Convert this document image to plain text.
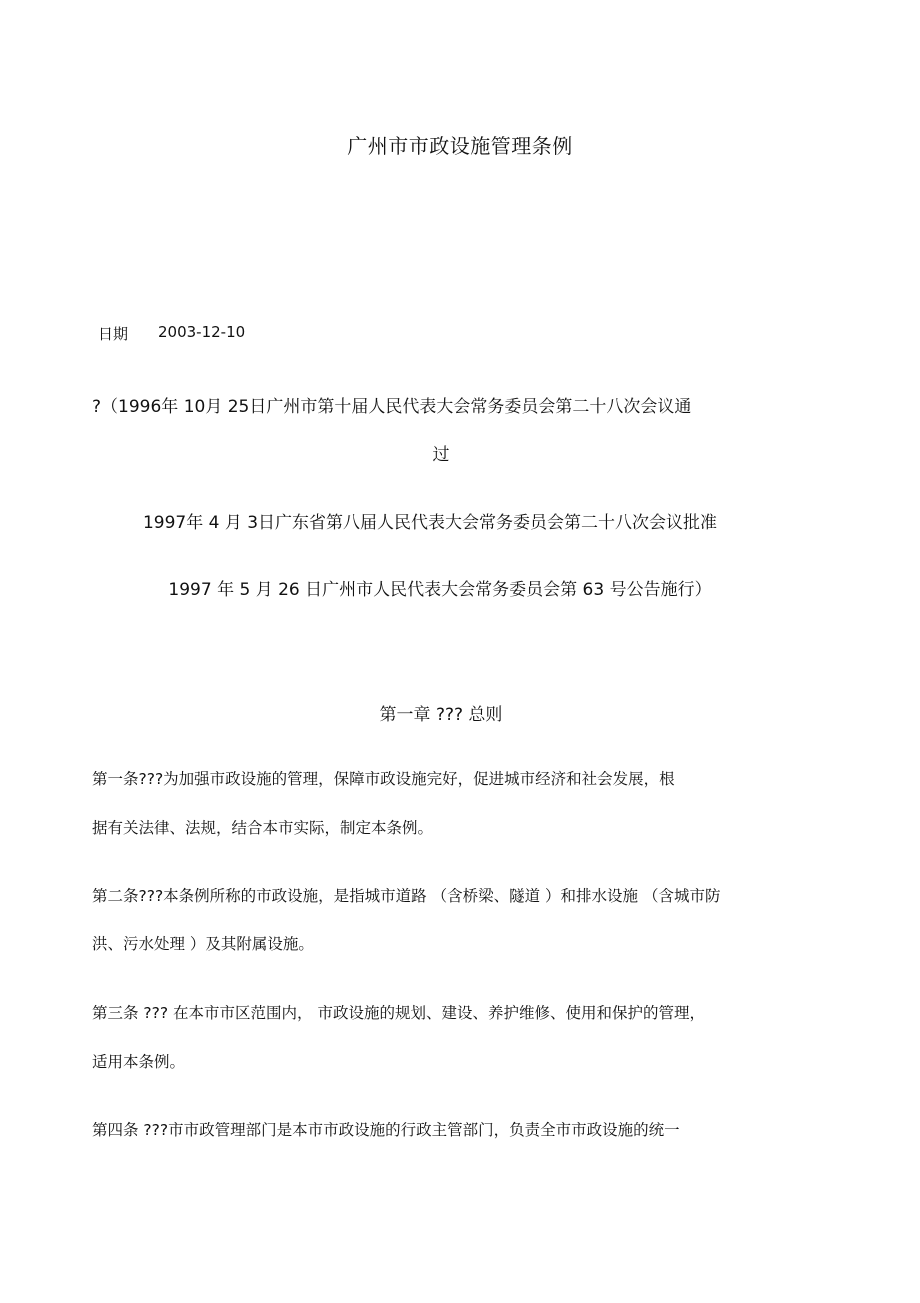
广州市市政设施管理条例
日期 2003-12-10
?（1996年 10月 25日广州市第十届人民代表大会常务委员会第二十八次会议通
过
1997年 4 月 3日广东省第八届人民代表大会常务委员会第二十八次会议批准
1997 年 5 月 26 日广州市人民代表大会常务委员会第 63 号公告施行）
第一章 ??? 总则
第一条???为加强市政设施的管理，保障市政设施完好，促进城市经济和社会发展，根
据有关法律、法规，结合本市实际，制定本条例。
第二条???本条例所称的市政设施，是指城市道路 （含桥梁、隧道 ）和排水设施 （含城市防
洪、污水处理 ）及其附属设施。
第三条 ??? 在本市市区范围内， 市政设施的规划、建设、养护维修、使用和保护的管理，
适用本条例。
第四条 ???市市政管理部门是本市市政设施的行政主管部门，负责全市市政设施的统一
